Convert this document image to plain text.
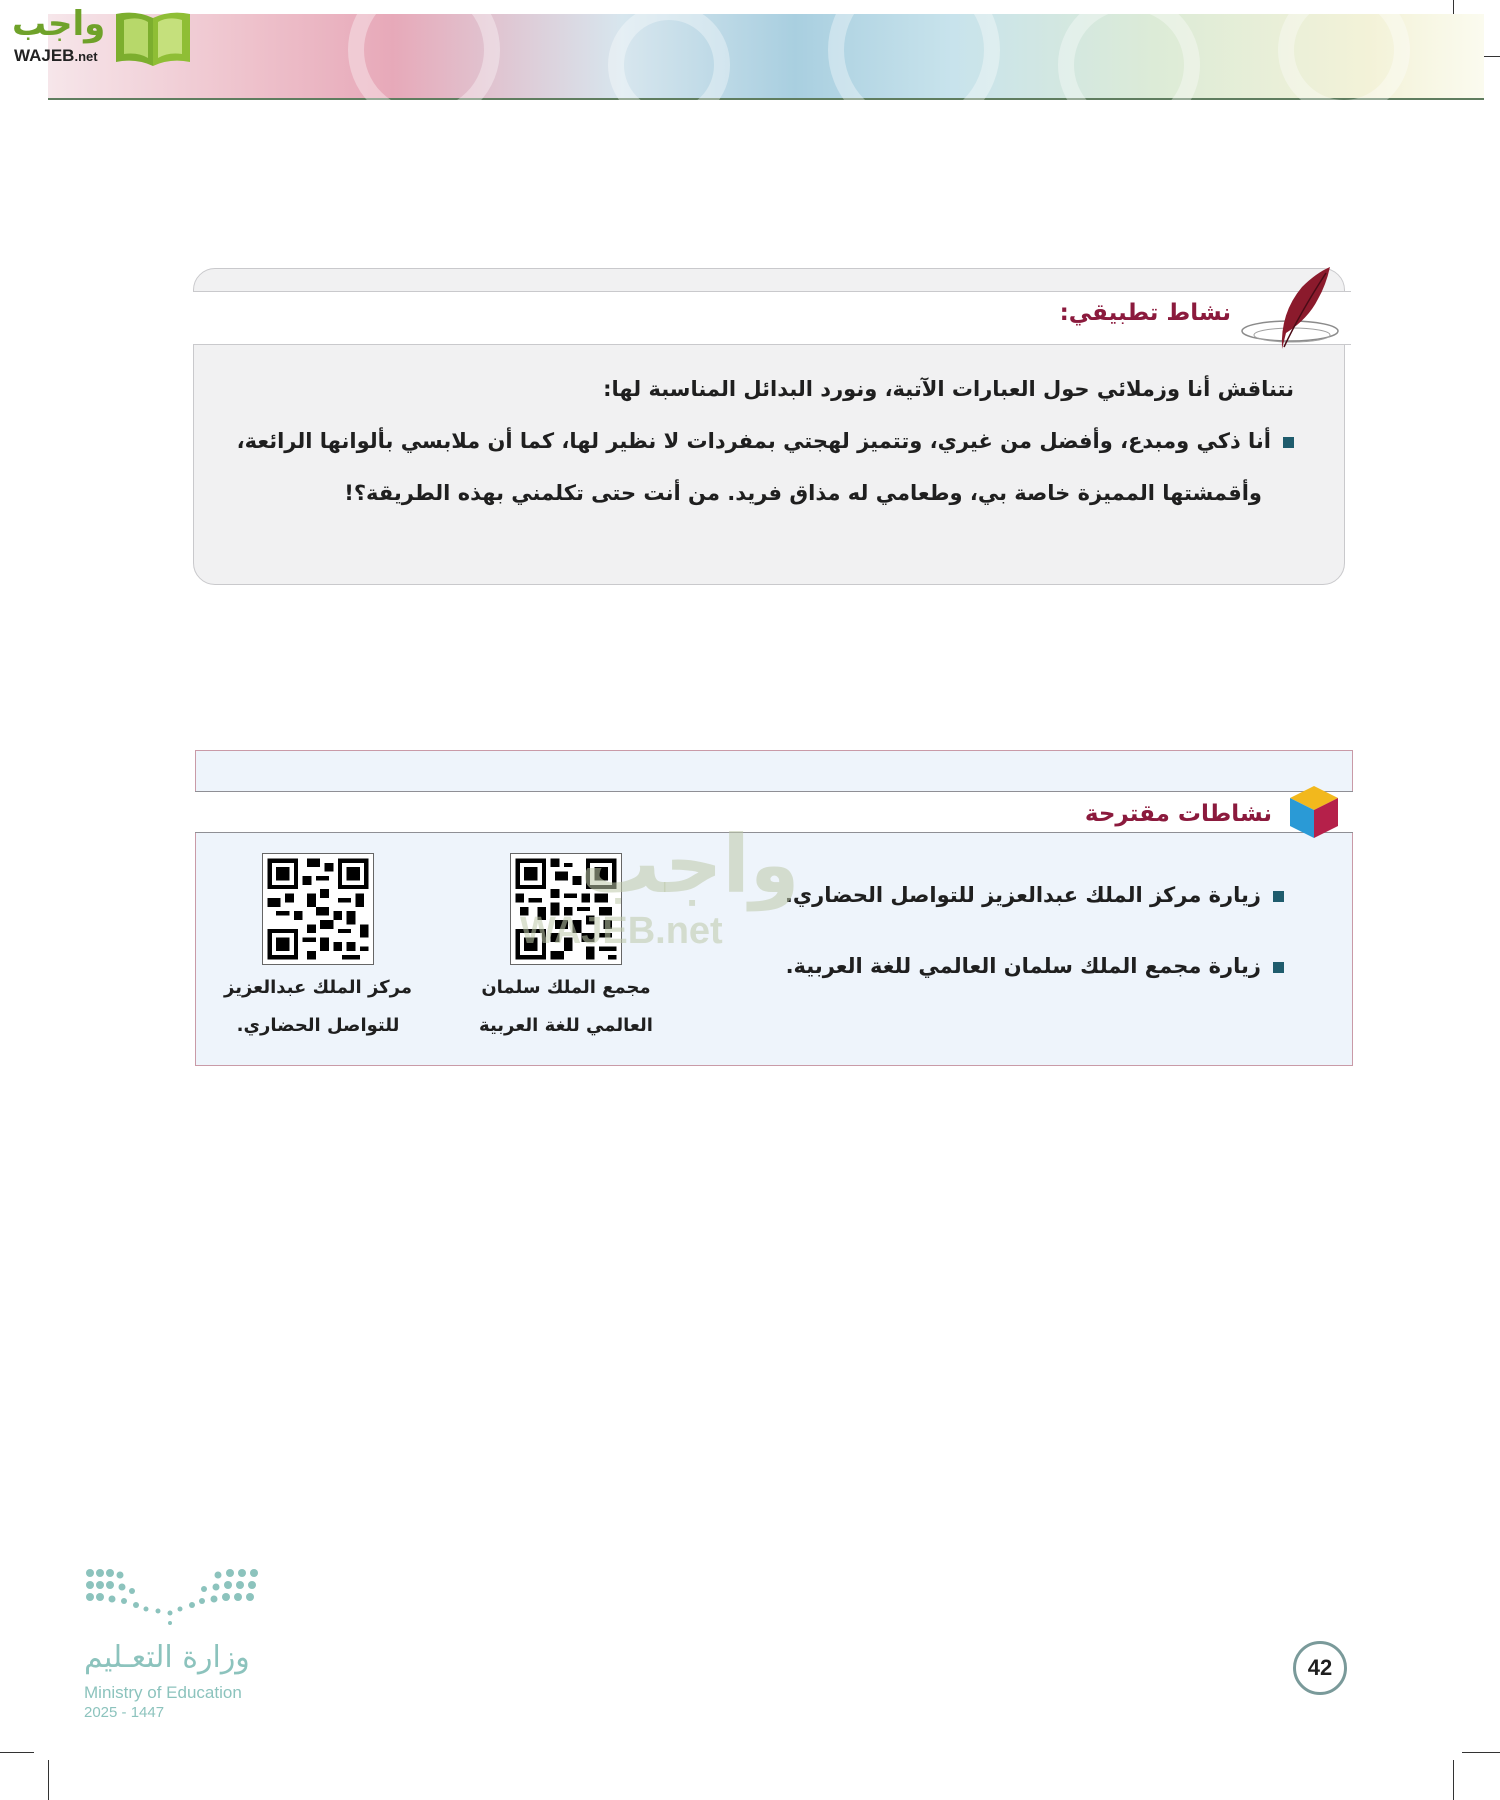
واجب
WAJEB.net
نشاط تطبيقي:
نتناقش أنا وزملائي حول العبارات الآتية، ونورد البدائل المناسبة لها:
أنا ذكي ومبدع، وأفضل من غيري، وتتميز لهجتي بمفردات لا نظير لها، كما أن ملابسي بألوانها الرائعة،
وأقمشتها المميزة خاصة بي، وطعامي له مذاق فريد. من أنت حتى تكلمني بهذه الطريقة؟!
نشاطات مقترحة
زيارة مركز الملك عبدالعزيز للتواصل الحضاري.
زيارة مجمع الملك سلمان العالمي للغة العربية.
مجمع الملك سلمان
العالمي للغة العربية
مركز الملك عبدالعزيز
للتواصل الحضاري.
واجب
WAJEB.net
وزارة التعـليم
Ministry of Education
2025 - 1447
42
